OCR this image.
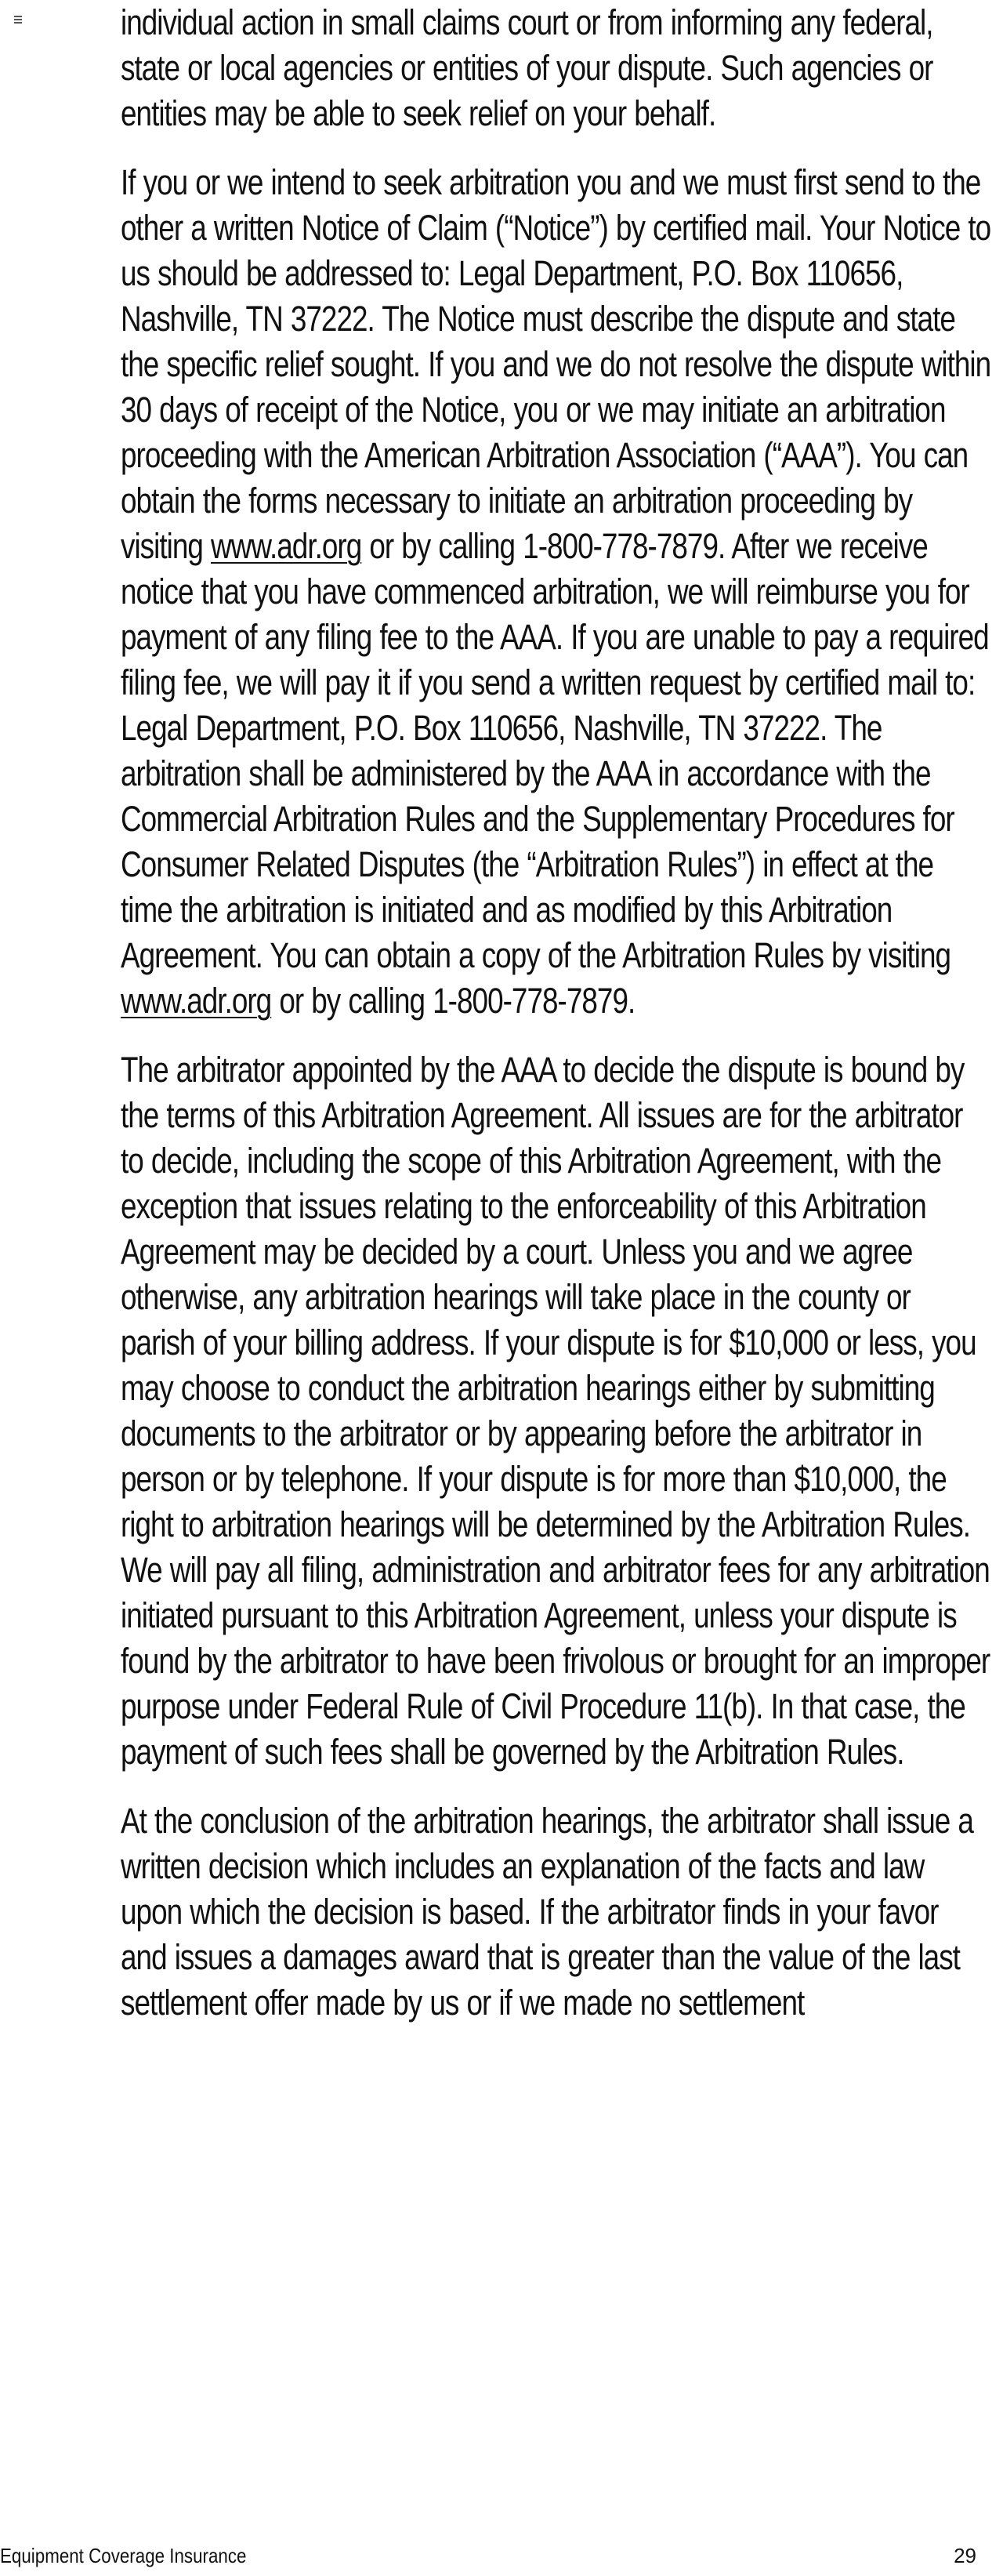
individual action in small claims court or from informing any federal, state or local agencies or entities of your dispute. Such agencies or entities may be able to seek relief on your behalf.

If you or we intend to seek arbitration you and we must first send to the other a written Notice of Claim (“Notice”) by certified mail. Your Notice to us should be addressed to: Legal Department, P.O. Box 110656, Nashville, TN 37222. The Notice must describe the dispute and state the specific relief sought. If you and we do not resolve the dispute within 30 days of receipt of the Notice, you or we may initiate an arbitration proceeding with the American Arbitration Association (“AAA”). You can obtain the forms necessary to initiate an arbitration proceeding by visiting www.adr.org or by calling 1-800-778-7879. After we receive notice that you have commenced arbitration, we will reimburse you for payment of any filing fee to the AAA. If you are unable to pay a required filing fee, we will pay it if you send a written request by certified mail to: Legal Department, P.O. Box 110656, Nashville, TN 37222. The arbitration shall be administered by the AAA in accordance with the Commercial Arbitration Rules and the Supplementary Procedures for Consumer Related Disputes (the “Arbitration Rules”) in effect at the time the arbitration is initiated and as modified by this Arbitration Agreement. You can obtain a copy of the Arbitration Rules by visiting www.adr.org or by calling 1-800-778-7879.

The arbitrator appointed by the AAA to decide the dispute is bound by the terms of this Arbitration Agreement. All issues are for the arbitrator to decide, including the scope of this Arbitration Agreement, with the exception that issues relating to the enforceability of this Arbitration Agreement may be decided by a court. Unless you and we agree otherwise, any arbitration hearings will take place in the county or parish of your billing address. If your dispute is for $10,000 or less, you may choose to conduct the arbitration hearings either by submitting documents to the arbitrator or by appearing before the arbitrator in person or by telephone. If your dispute is for more than $10,000, the right to arbitration hearings will be determined by the Arbitration Rules. We will pay all filing, administration and arbitrator fees for any arbitration initiated pursuant to this Arbitration Agreement, unless your dispute is found by the arbitrator to have been frivolous or brought for an improper purpose under Federal Rule of Civil Procedure 11(b). In that case, the payment of such fees shall be governed by the Arbitration Rules.

At the conclusion of the arbitration hearings, the arbitrator shall issue a written decision which includes an explanation of the facts and law upon which the decision is based. If the arbitrator finds in your favor and issues a damages award that is greater than the value of the last settlement offer made by us or if we made no settlement

Equipment Coverage Insurance	29
